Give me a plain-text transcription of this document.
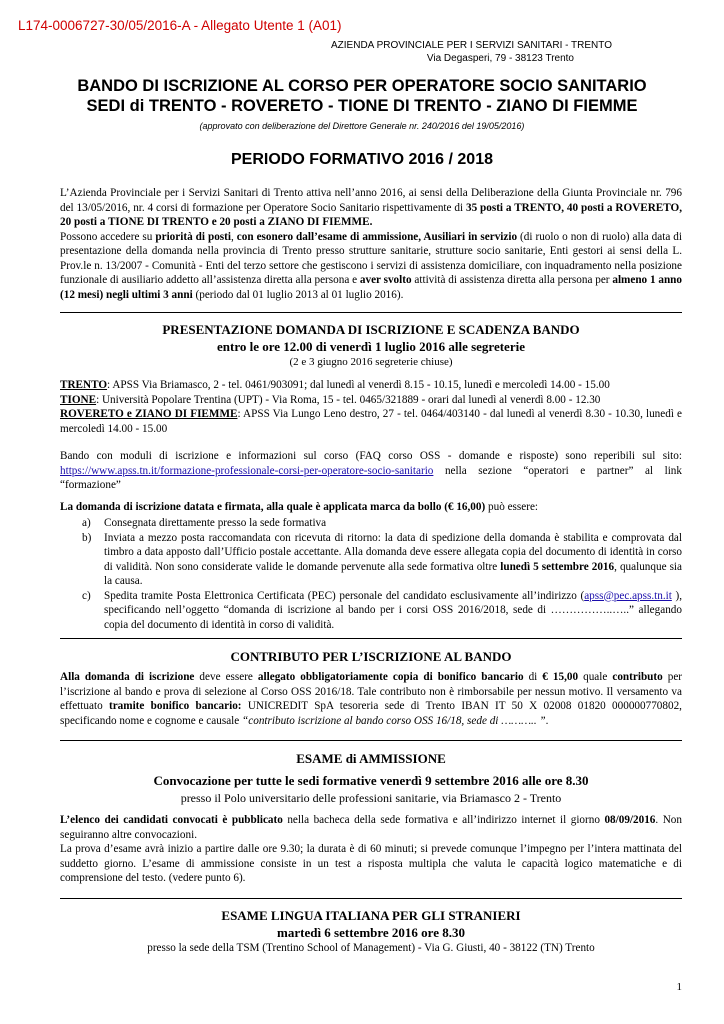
L174-0006727-30/05/2016-A - Allegato Utente 1 (A01)
AZIENDA PROVINCIALE PER I SERVIZI SANITARI - TRENTO
Via Degasperi, 79 - 38123 Trento
BANDO DI ISCRIZIONE AL CORSO PER OPERATORE SOCIO SANITARIO
SEDI di TRENTO - ROVERETO - TIONE DI TRENTO - ZIANO DI FIEMME
(approvato con deliberazione del Direttore Generale nr. 240/2016 del 19/05/2016)
PERIODO FORMATIVO 2016 / 2018
L’Azienda Provinciale per i Servizi Sanitari di Trento attiva nell’anno 2016, ai sensi della Deliberazione della Giunta Provinciale nr. 796 del 13/05/2016, nr. 4 corsi di formazione per Operatore Socio Sanitario rispettivamente di 35 posti a TRENTO, 40 posti a ROVERETO, 20 posti a TIONE DI TRENTO e 20 posti a ZIANO DI FIEMME.
Possono accedere su priorità di posti, con esonero dall’esame di ammissione, Ausiliari in servizio (di ruolo o non di ruolo) alla data di presentazione della domanda nella provincia di Trento presso strutture sanitarie, strutture socio sanitarie, Enti gestori ai sensi della L. Prov.le n. 13/2007 - Comunità - Enti del terzo settore che gestiscono i servizi di assistenza domiciliare, con inquadramento nella posizione funzionale di ausiliario addetto all’assistenza diretta alla persona e aver svolto attività di assistenza diretta alla persona per almeno 1 anno (12 mesi) negli ultimi 3 anni (periodo dal 01 luglio 2013 al 01 luglio 2016).
PRESENTAZIONE DOMANDA DI ISCRIZIONE E SCADENZA BANDO
entro le ore 12.00 di venerdì 1 luglio 2016 alle segreterie
(2 e 3 giugno 2016 segreterie chiuse)
TRENTO: APSS Via Briamasco, 2 - tel. 0461/903091; dal lunedì al venerdì 8.15 - 10.15, lunedì e mercoledì 14.00 - 15.00
TIONE: Università Popolare Trentina (UPT) - Via Roma, 15 - tel. 0465/321889 - orari dal lunedì al venerdì 8.00 - 12.30
ROVERETO e ZIANO DI FIEMME: APSS Via Lungo Leno destro, 27 - tel. 0464/403140 - dal lunedì al venerdì 8.30 - 10.30, lunedì e mercoledì 14.00 - 15.00
Bando con moduli di iscrizione e informazioni sul corso (FAQ corso OSS - domande e risposte) sono reperibili sul sito: https://www.apss.tn.it/formazione-professionale-corsi-per-operatore-socio-sanitario nella sezione “operatori e partner” al link “formazione”
La domanda di iscrizione datata e firmata, alla quale è applicata marca da bollo (€ 16,00) può essere:
a)	Consegnata direttamente presso la sede formativa
b)	Inviata a mezzo posta raccomandata con ricevuta di ritorno: la data di spedizione della domanda è stabilita e comprovata dal timbro a data apposto dall’Ufficio postale accettante. Alla domanda deve essere allegata copia del documento di identità in corso di validità. Non sono considerate valide le domande pervenute alla sede formativa oltre lunedì 5 settembre 2016, qualunque sia la causa.
c)	Spedita tramite Posta Elettronica Certificata (PEC) personale del candidato esclusivamente all’indirizzo (apss@pec.apss.tn.it ), specificando nell’oggetto “domanda di iscrizione al bando per i corsi OSS 2016/2018, sede di ……………..…..” allegando copia del documento di identità in corso di validità.
CONTRIBUTO PER L’ISCRIZIONE AL BANDO
Alla domanda di iscrizione deve essere allegato obbligatoriamente copia di bonifico bancario di € 15,00 quale contributo per l’iscrizione al bando e prova di selezione al Corso OSS 2016/18. Tale contributo non è rimborsabile per nessun motivo. Il versamento va effettuato tramite bonifico bancario: UNICREDIT SpA tesoreria sede di Trento IBAN IT 50 X 02008 01820 000000770802, specificando nome e cognome e causale “contributo iscrizione al bando corso OSS 16/18, sede di ……….. ”.
ESAME di AMMISSIONE
Convocazione per tutte le sedi formative venerdì 9 settembre 2016 alle ore 8.30
presso il Polo universitario delle professioni sanitarie, via Briamasco 2 - Trento
L’elenco dei candidati convocati è pubblicato nella bacheca della sede formativa e all’indirizzo internet il giorno 08/09/2016. Non seguiranno altre convocazioni.
La prova d’esame avrà inizio a partire dalle ore 9.30; la durata è di 60 minuti; si prevede comunque l’impegno per l’intera mattinata del suddetto giorno. L’esame di ammissione consiste in un test a risposta multipla che valuta le capacità logico matematiche e di comprensione del testo. (vedere punto 6).
ESAME LINGUA ITALIANA PER GLI STRANIERI
martedì 6 settembre 2016 ore 8.30
presso la sede della TSM (Trentino School of Management) - Via G. Giusti, 40 - 38122 (TN) Trento
1
